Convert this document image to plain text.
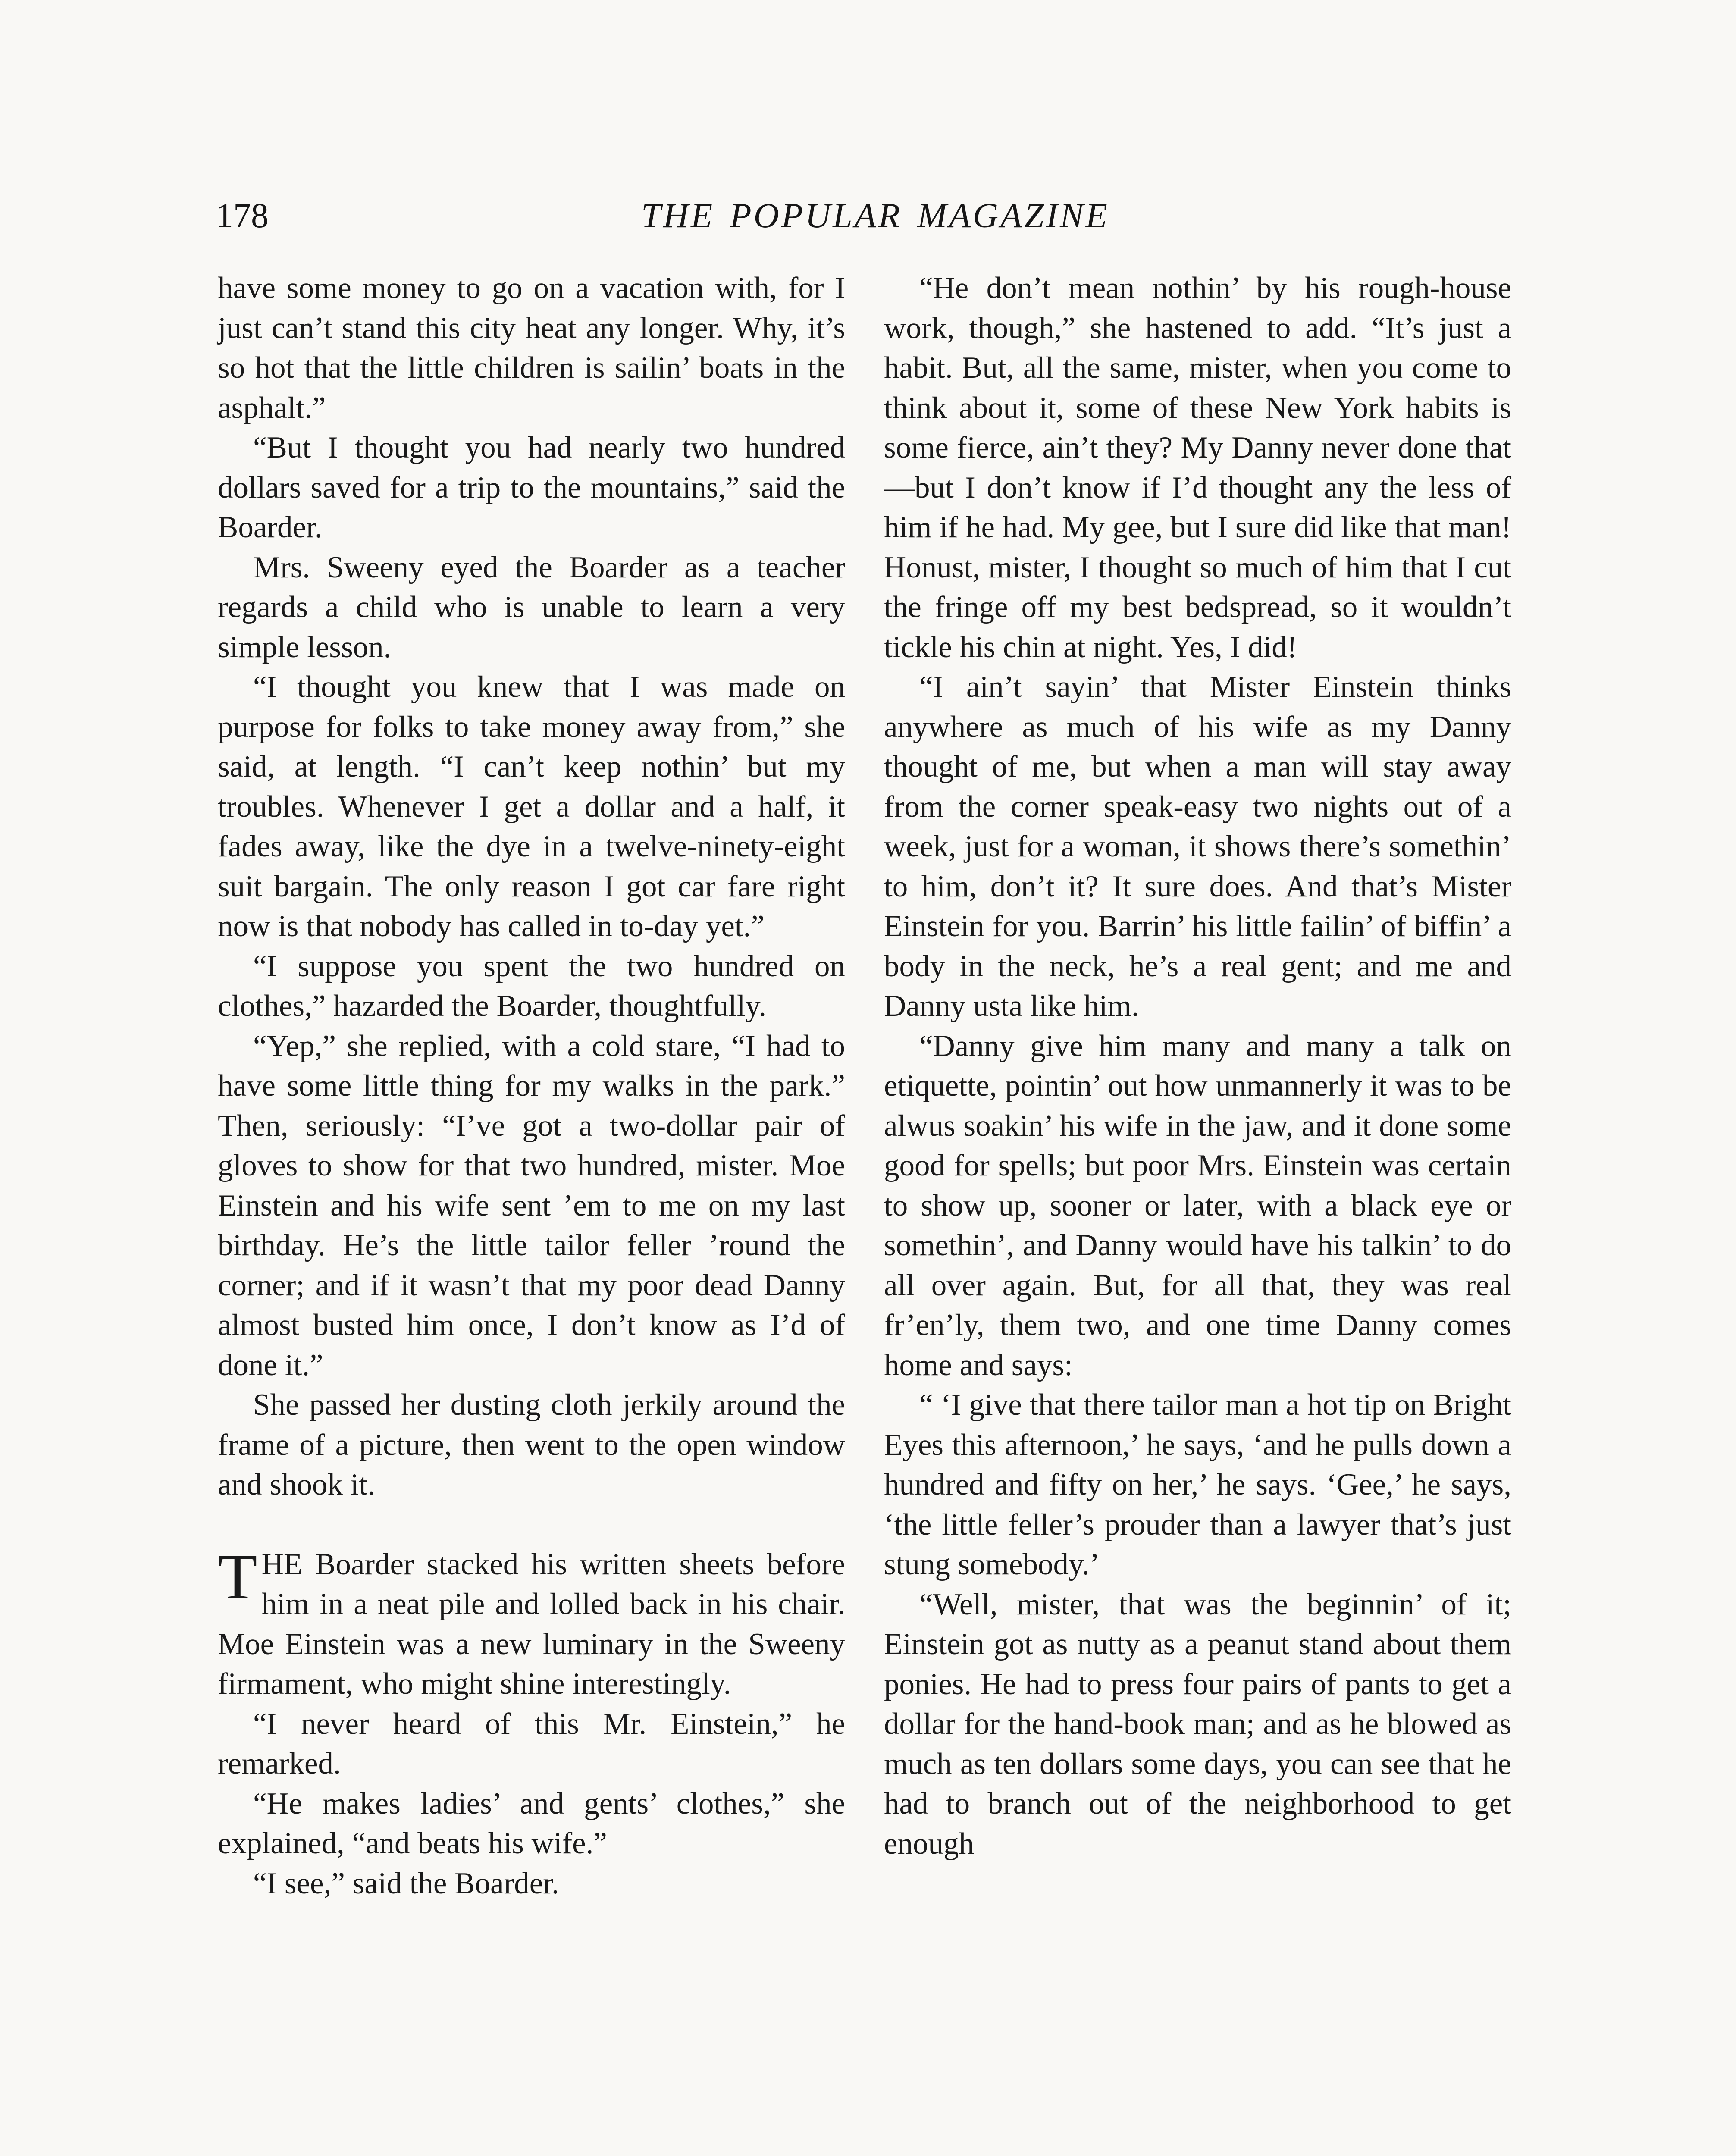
178	THE POPULAR MAGAZINE

have some money to go on a vacation with, for I just can’t stand this city heat any longer. Why, it’s so hot that the little children is sailin’ boats in the asphalt.”

“But I thought you had nearly two hundred dollars saved for a trip to the mountains,” said the Boarder.

Mrs. Sweeny eyed the Boarder as a teacher regards a child who is unable to learn a very simple lesson.

“I thought you knew that I was made on purpose for folks to take money away from,” she said, at length. “I can’t keep nothin’ but my troubles. Whenever I get a dollar and a half, it fades away, like the dye in a twelve-ninety-eight suit bargain. The only reason I got car fare right now is that nobody has called in to-day yet.”

“I suppose you spent the two hundred on clothes,” hazarded the Boarder, thoughtfully.

“Yep,” she replied, with a cold stare, “I had to have some little thing for my walks in the park.” Then, seriously: “I’ve got a two-dollar pair of gloves to show for that two hundred, mister. Moe Einstein and his wife sent ’em to me on my last birthday. He’s the little tailor feller ’round the corner; and if it wasn’t that my poor dead Danny almost busted him once, I don’t know as I’d of done it.”

She passed her dusting cloth jerkily around the frame of a picture, then went to the open window and shook it.

THE Boarder stacked his written sheets before him in a neat pile and lolled back in his chair. Moe Einstein was a new luminary in the Sweeny firmament, who might shine interestingly.

“I never heard of this Mr. Einstein,” he remarked.

“He makes ladies’ and gents’ clothes,” she explained, “and beats his wife.”

“I see,” said the Boarder.

“He don’t mean nothin’ by his rough-house work, though,” she hastened to add. “It’s just a habit. But, all the same, mister, when you come to think about it, some of these New York habits is some fierce, ain’t they? My Danny never done that—but I don’t know if I’d thought any the less of him if he had. My gee, but I sure did like that man! Honust, mister, I thought so much of him that I cut the fringe off my best bedspread, so it wouldn’t tickle his chin at night. Yes, I did!

“I ain’t sayin’ that Mister Einstein thinks anywhere as much of his wife as my Danny thought of me, but when a man will stay away from the corner speak-easy two nights out of a week, just for a woman, it shows there’s somethin’ to him, don’t it? It sure does. And that’s Mister Einstein for you. Barrin’ his little failin’ of biffin’ a body in the neck, he’s a real gent; and me and Danny usta like him.

“Danny give him many and many a talk on etiquette, pointin’ out how unmannerly it was to be alwus soakin’ his wife in the jaw, and it done some good for spells; but poor Mrs. Einstein was certain to show up, sooner or later, with a black eye or somethin’, and Danny would have his talkin’ to do all over again. But, for all that, they was real fr’en’ly, them two, and one time Danny comes home and says:

“ ‘I give that there tailor man a hot tip on Bright Eyes this afternoon,’ he says, ‘and he pulls down a hundred and fifty on her,’ he says. ‘Gee,’ he says, ‘the little feller’s prouder than a lawyer that’s just stung somebody.’

“Well, mister, that was the beginnin’ of it; Einstein got as nutty as a peanut stand about them ponies. He had to press four pairs of pants to get a dollar for the hand-book man; and as he blowed as much as ten dollars some days, you can see that he had to branch out of the neighborhood to get enough
